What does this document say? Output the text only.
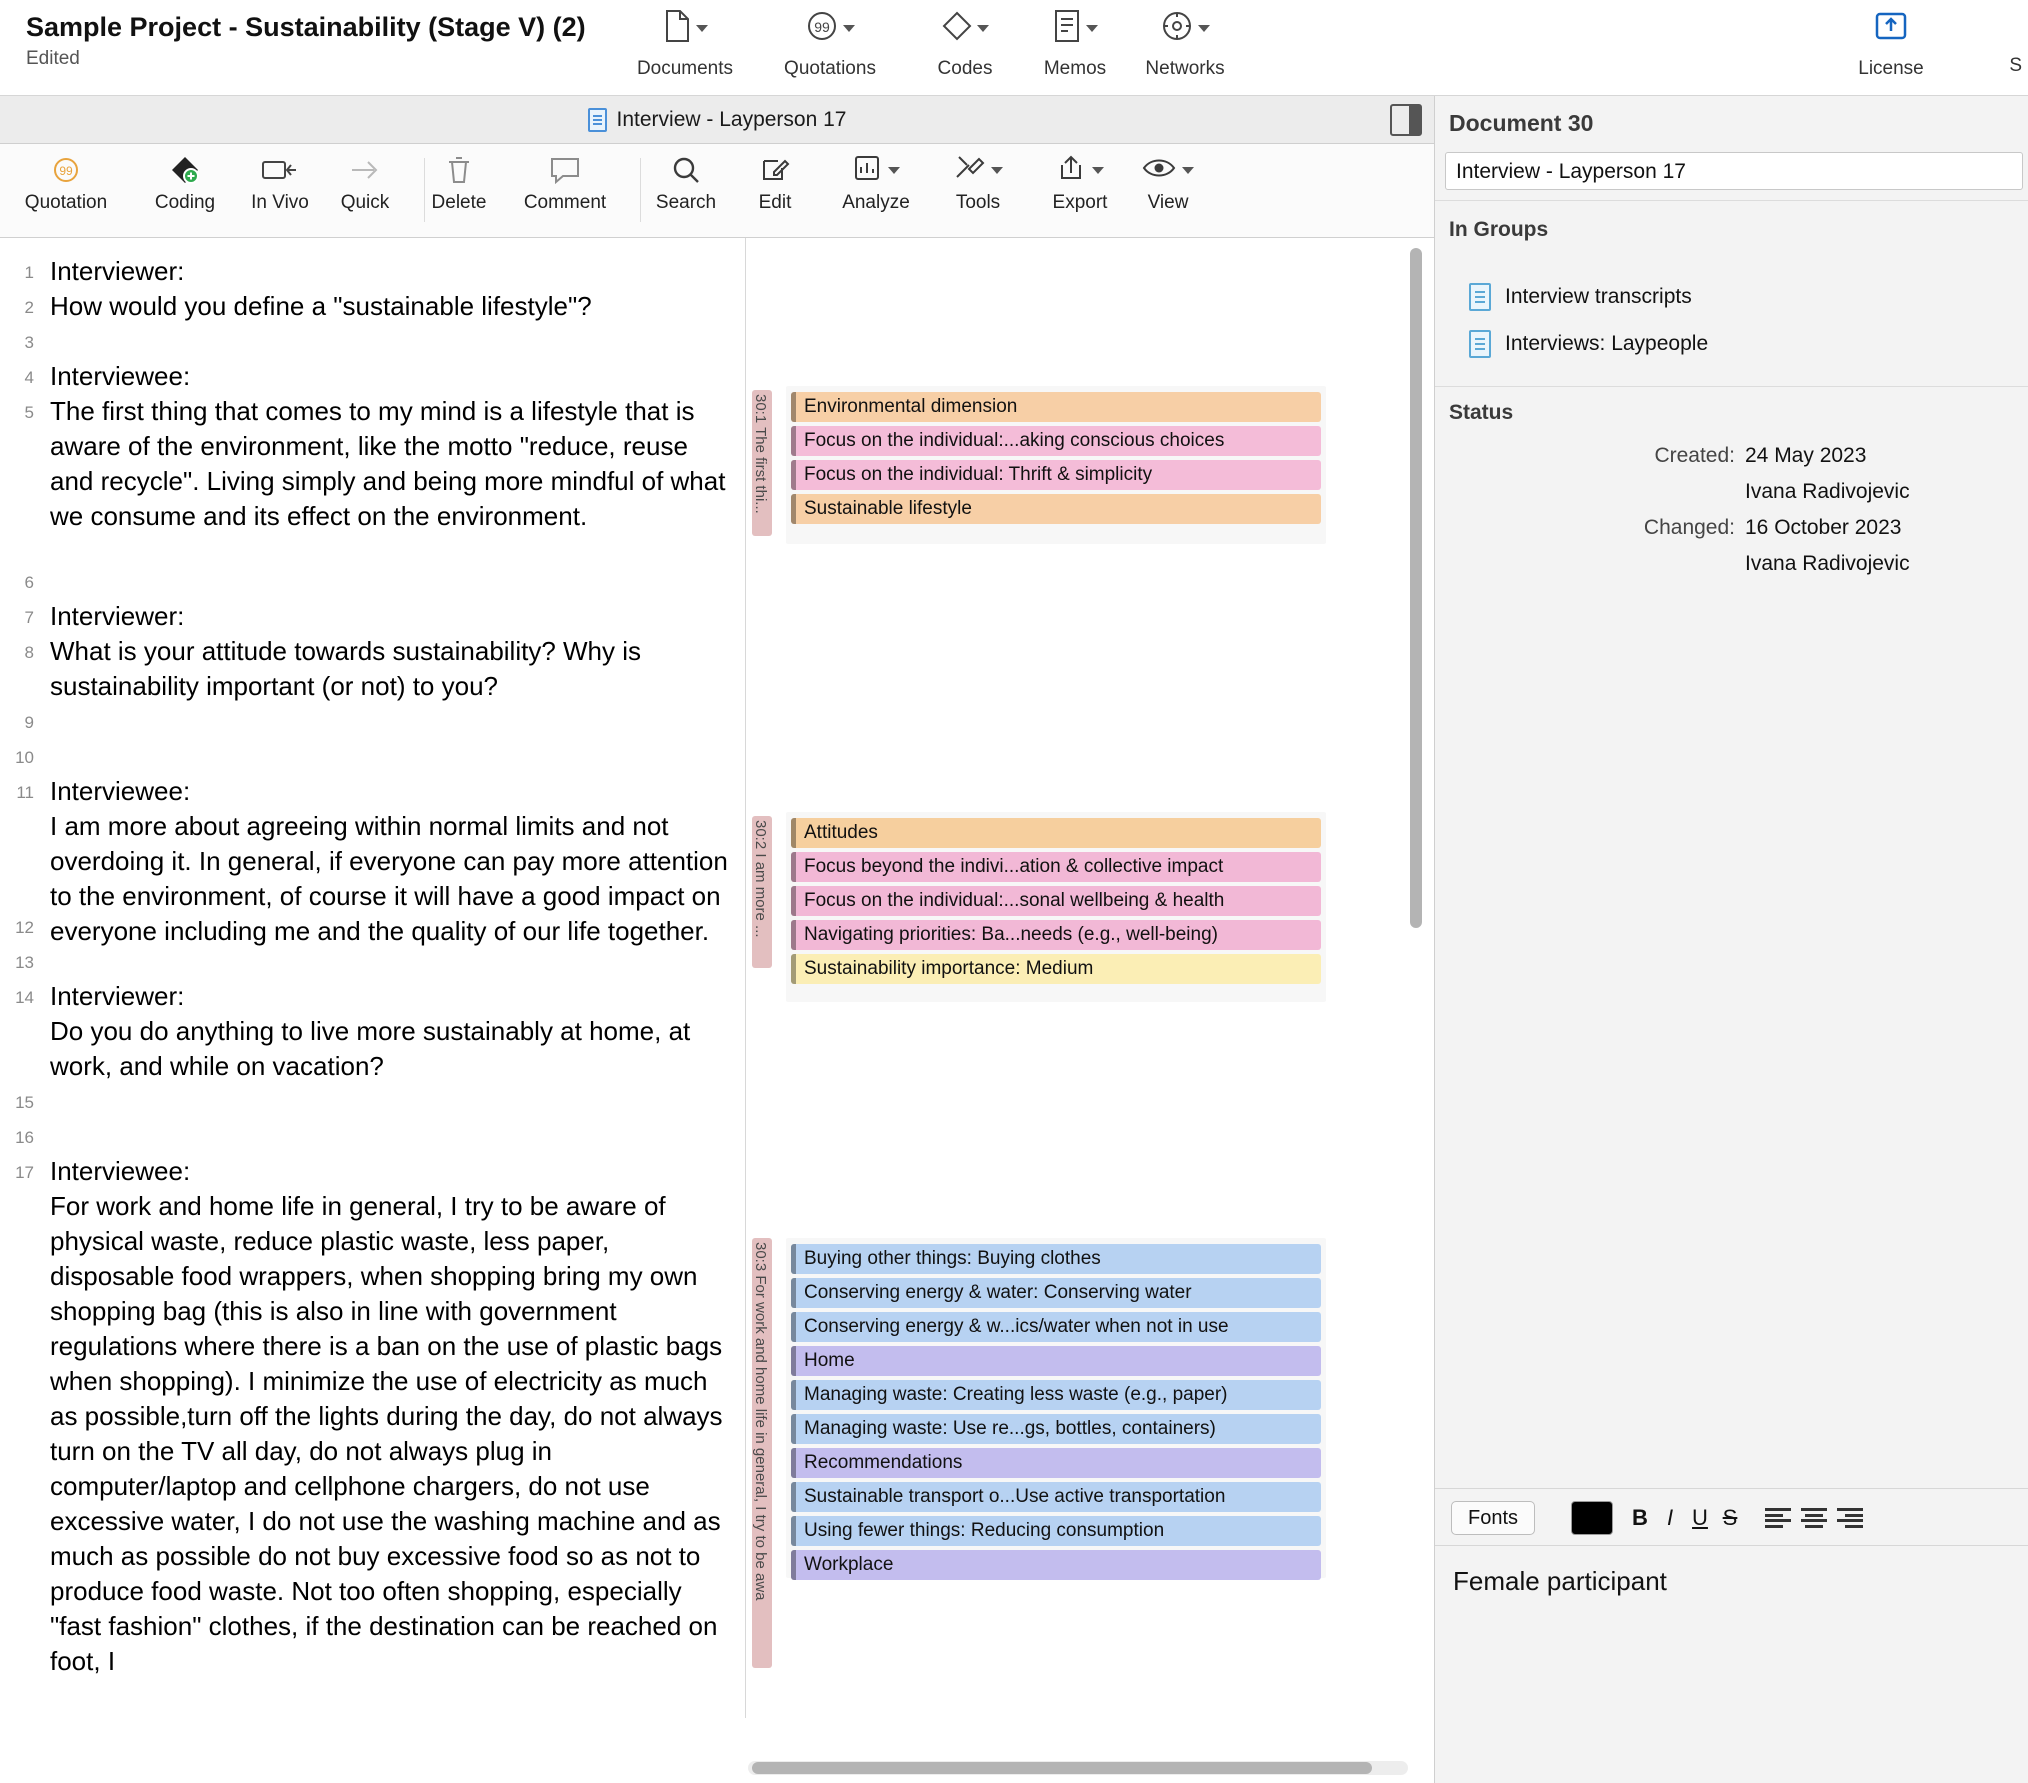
Sample Project - Sustainability (Stage V) (2)
Edited	Documents
99
Quotations	Codes	Memos Networks	License	S
Interview - Layperson 17
99
Quotation	Coding In Vivo Quick Delete Comment	Search Edit	Analyze Tools	Export View
1
2
3
4
5
6
7
8
9
10
11
12
13
14
15
16
17
Interviewer:
How would you define a "sustainable lifestyle"?
Interviewee:
The first thing that comes to my mind is a lifestyle that is aware of the environment, like the motto "reduce, reuse and recycle". Living simply and being more mindful of what we consume and its effect on the environment.
Interviewer:
What is your attitude towards sustainability? Why is sustainability important (or not) to you?
Interviewee:
I am more about agreeing within normal limits and not overdoing it. In general, if everyone can pay more attention to the environment, of course it will have a good impact on everyone including me and the quality of our life together.
Interviewer:
Do you do anything to live more sustainably at home, at work, and while on vacation?
Interviewee:
For work and home life in general, I try to be aware of physical waste, reduce plastic waste, less paper, disposable food wrappers, when shopping bring my own shopping bag (this is also in line with government regulations where there is a ban on the use of plastic bags when shopping). I minimize the use of electricity as much as possible,turn off the lights during the day, do not always turn on the TV all day, do not always plug in computer/laptop and cellphone chargers, do not use excessive water, I do not use the washing machine and as much as possible do not buy excessive food so as not to produce food waste. Not too often shopping, especially "fast fashion" clothes, if the destination can be reached on foot, I
30:1 The first thi...	Environmental dimension
Focus on the individual:...aking conscious choices
Focus on the individual: Thrift & simplicity
Sustainable lifestyle
30:2 I am more ...	Attitudes
Focus beyond the indivi...ation & collective impact
Focus on the individual:...sonal wellbeing & health
Navigating priorities: Ba...needs (e.g., well-being)
Sustainability importance: Medium
30:3 For work and home life in general, I try to be awa	Buying other things: Buying clothes
Conserving energy & water: Conserving water
Conserving energy & w...ics/water when not in use
Home
Managing waste: Creating less waste (e.g., paper)
Managing waste: Use re...gs, bottles, containers)
Recommendations
Sustainable transport o...Use active transportation
Using fewer things: Reducing consumption
Workplace
Document 30
Interview - Layperson 17
In Groups
Interview transcripts
Interviews: Laypeople
Status
Created: 24 May 2023
Ivana Radivojevic
Changed: 16 October 2023
Ivana Radivojevic
Fonts	B I U S
Female participant
